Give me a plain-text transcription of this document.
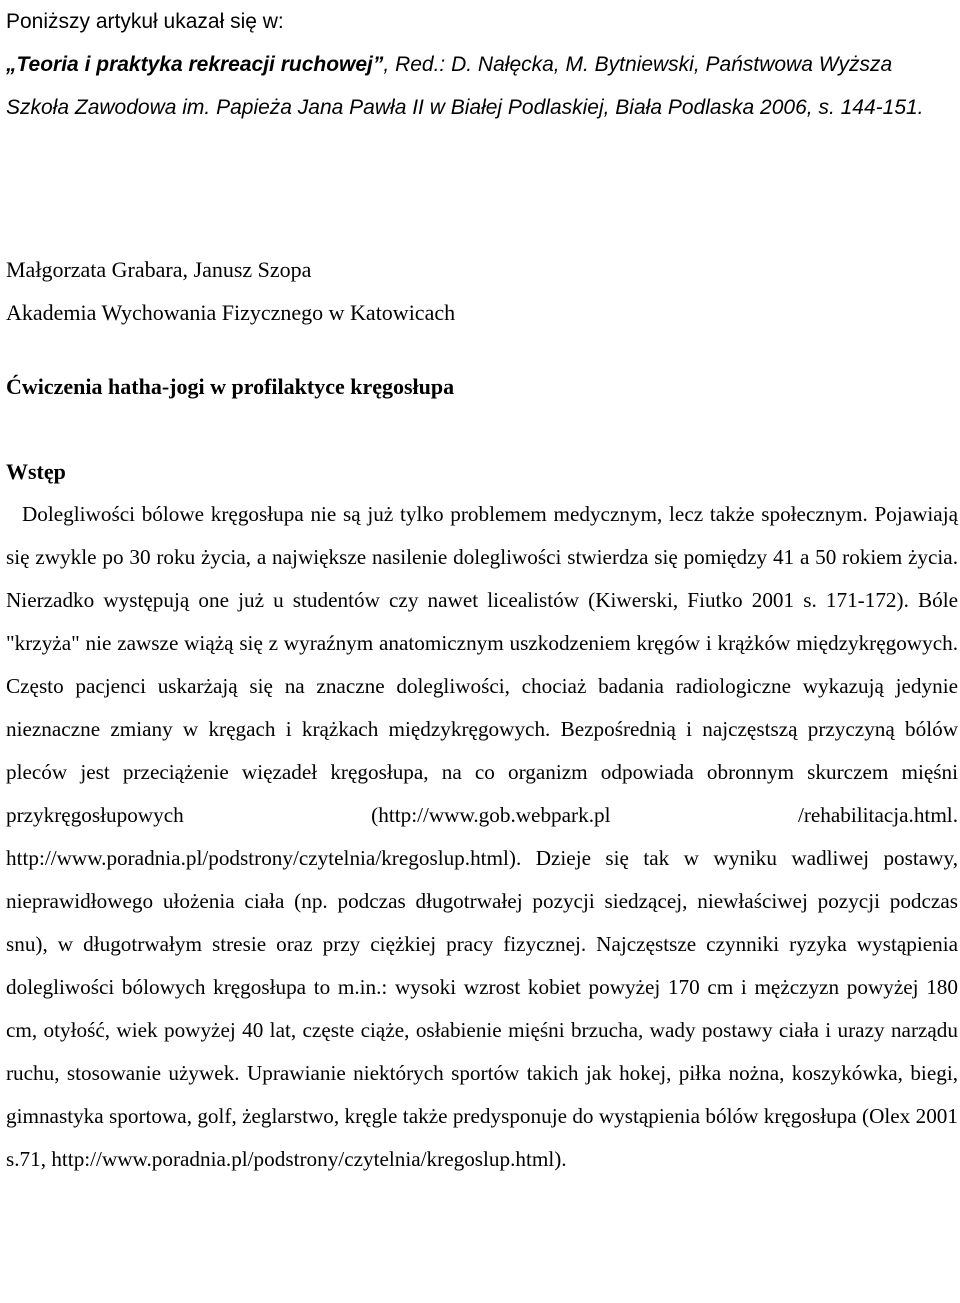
Poniższy artykuł ukazał się w:
„Teoria i praktyka rekreacji ruchowej”, Red.: D. Nałęcka, M. Bytniewski, Państwowa Wyższa Szkoła Zawodowa im. Papieża Jana Pawła II w Białej Podlaskiej, Biała Podlaska 2006, s. 144-151.

Małgorzata Grabara, Janusz Szopa
Akademia Wychowania Fizycznego w Katowicach
Ćwiczenia hatha-jogi w profilaktyce kręgosłupa
Wstęp

Dolegliwości bólowe kręgosłupa nie są już tylko problemem medycznym, lecz także społecznym. Pojawiają się zwykle po 30 roku życia, a największe nasilenie dolegliwości stwierdza się pomiędzy 41 a 50 rokiem życia. Nierzadko występują one już u studentów czy nawet licealistów (Kiwerski, Fiutko 2001 s. 171-172). Bóle "krzyża" nie zawsze wiążą się z wyraźnym anatomicznym uszkodzeniem kręgów i krążków międzykręgowych. Często pacjenci uskarżają się na znaczne dolegliwości, chociaż badania radiologiczne wykazują jedynie nieznaczne zmiany w kręgach i krążkach międzykręgowych. Bezpośrednią i najczęstszą przyczyną bólów pleców jest przeciążenie więzadeł kręgosłupa, na co organizm odpowiada obronnym skurczem mięśni przykręgosłupowych (http://www.gob.webpark.pl /rehabilitacja.html. http://www.poradnia.pl/podstrony/czytelnia/kregoslup.html). Dzieje się tak w wyniku wadliwej postawy, nieprawidłowego ułożenia ciała (np. podczas długotrwałej pozycji siedzącej, niewłaściwej pozycji podczas snu), w długotrwałym stresie oraz przy ciężkiej pracy fizycznej. Najczęstsze czynniki ryzyka wystąpienia dolegliwości bólowych kręgosłupa to m.in.: wysoki wzrost kobiet powyżej 170 cm i mężczyzn powyżej 180 cm, otyłość, wiek powyżej 40 lat, częste ciąże, osłabienie mięśni brzucha, wady postawy ciała i urazy narządu ruchu, stosowanie używek. Uprawianie niektórych sportów takich jak hokej, piłka nożna, koszykówka, biegi, gimnastyka sportowa, golf, żeglarstwo, kręgle także predysponuje do wystąpienia bólów kręgosłupa (Olex 2001 s.71, http://www.poradnia.pl/podstrony/czytelnia/kregoslup.html).
